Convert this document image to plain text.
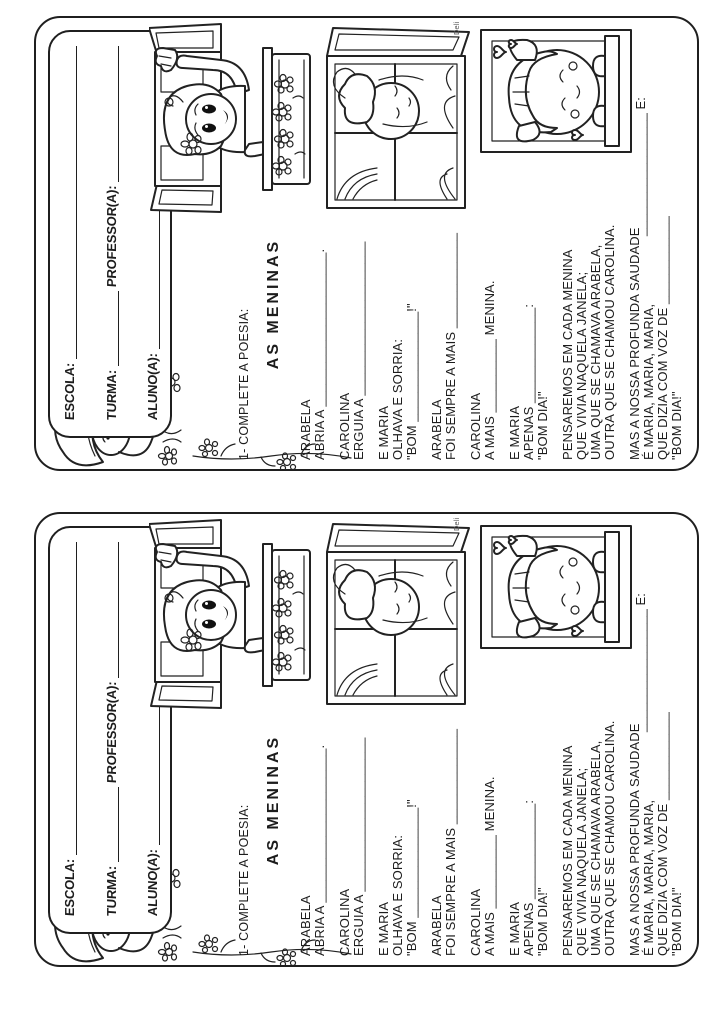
ESCOLA: TURMA:
PROFESSOR(A):
ALUNO(A):	1- COMPLETE A POESIA:
AS MENINAS
ARABELA ABRIA A _____________________. CAROLINA ERGUIA A _____________________ E MARIA OLHAVA E SORRIA: "BOM _______________!" ARABELA FOI SEMPRE A MAIS _____________ CAROLINA A MAIS __________ MENINA. E MARIA APENAS _____________: "BOM DIA!" PENSAREMOS EM CADA MENINA QUE VIVIA NAQUELA JANELA; UMA QUE SE CHAMAVA ARABELA, OUTRA QUE SE CHAMOU CAROLINA. MAS A NOSSA PROFUNDA SAUDADE É MARIA, MARIA, MARIA, QUE DIZIA COM VOZ DE ____________ "BOM DIA!"
_________________ E:
Deli
ESCOLA: TURMA:
PROFESSOR(A):
ALUNO(A):	1- COMPLETE A POESIA:
AS MENINAS
ARABELA ABRIA A _____________________. CAROLINA ERGUIA A _____________________ E MARIA OLHAVA E SORRIA: "BOM _______________!" ARABELA FOI SEMPRE A MAIS _____________ CAROLINA A MAIS __________ MENINA. E MARIA APENAS _____________: "BOM DIA!" PENSAREMOS EM CADA MENINA QUE VIVIA NAQUELA JANELA; UMA QUE SE CHAMAVA ARABELA, OUTRA QUE SE CHAMOU CAROLINA. MAS A NOSSA PROFUNDA SAUDADE É MARIA, MARIA, MARIA, QUE DIZIA COM VOZ DE ____________ "BOM DIA!"
_________________ E:
Deli
